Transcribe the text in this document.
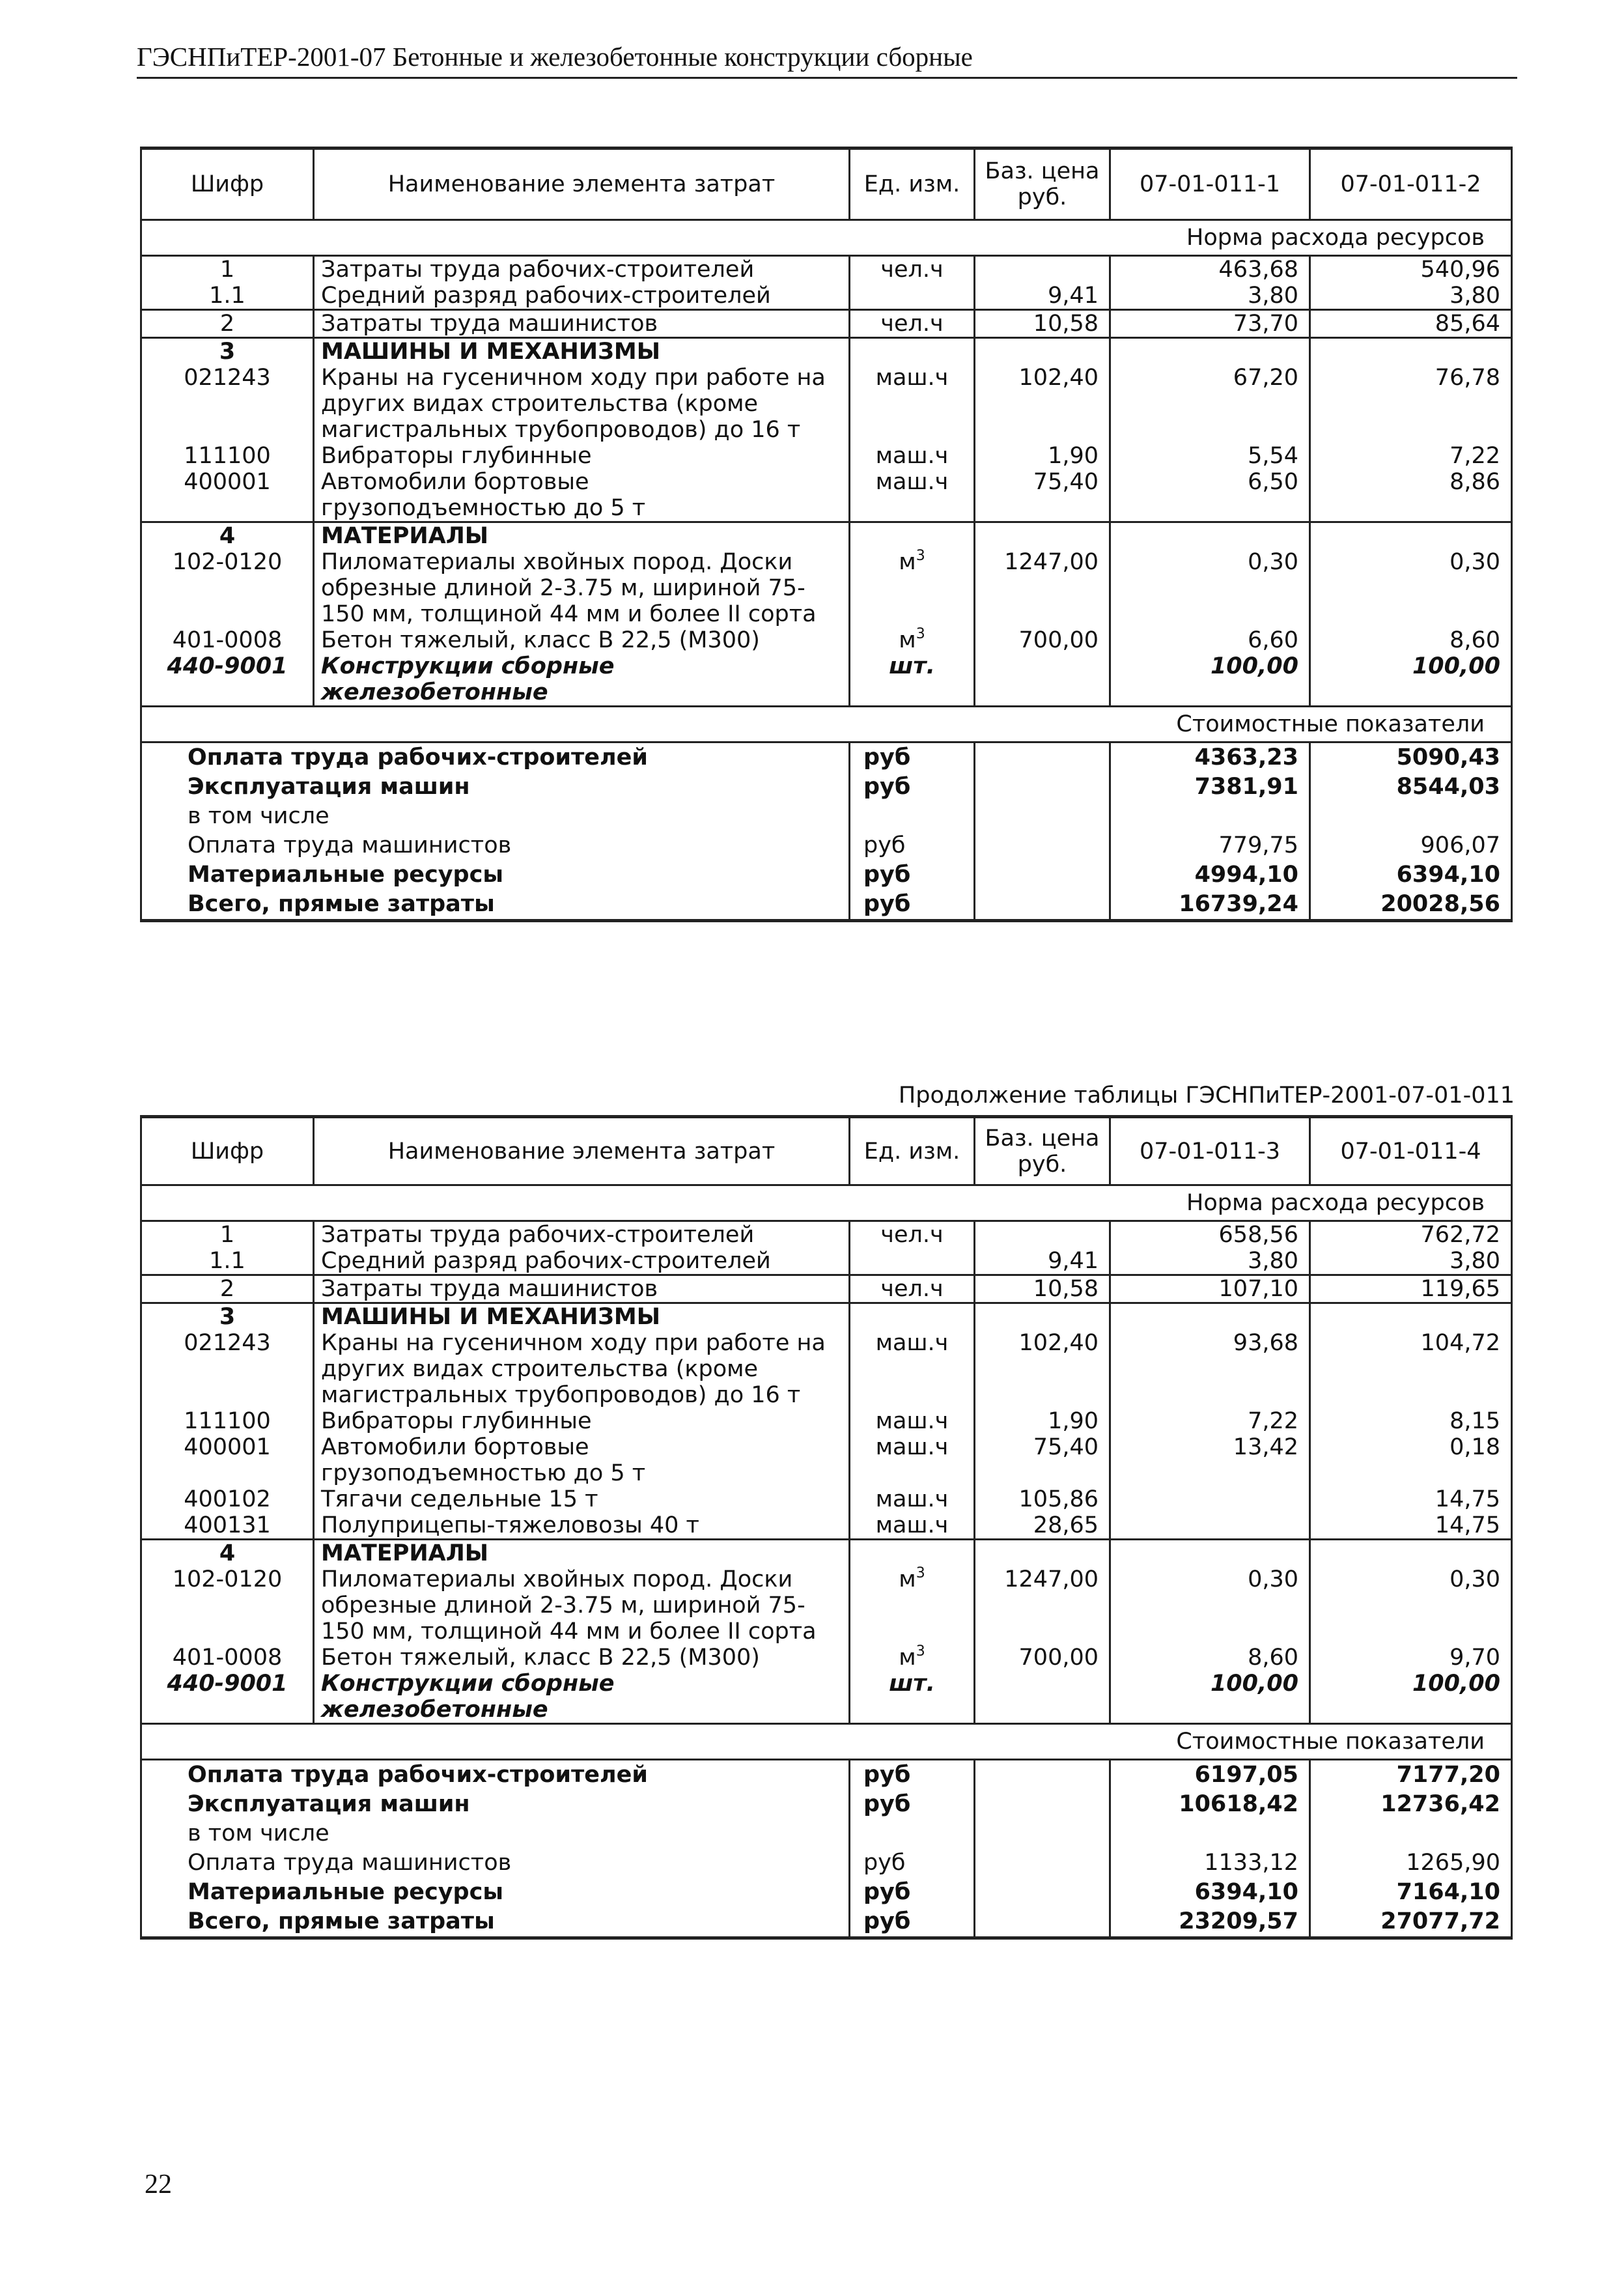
ГЭСНПиТЕР-2001-07 Бетонные и железобетонные конструкции сборные
Шифр	Наименование элемента затрат	Ед. изм.	Баз. цена руб.	07-01-011-1	07-01-011-2
Норма расхода ресурсов					
1	Затраты труда рабочих-строителей	чел.ч		463,68	540,96
1.1	Средний разряд рабочих-строителей		9,41	3,80	3,80
2	Затраты труда машинистов	чел.ч	10,58	73,70	85,64
3	МАШИНЫ И МЕХАНИЗМЫ				
021243	Краны на гусеничном ходу при работе на других видах строительства (кроме магистральных трубопроводов) до 16 т	маш.ч	102,40	67,20	76,78
111100	Вибраторы глубинные	маш.ч	1,90	5,54	7,22
400001	Автомобили бортовые грузоподъемностью до 5 т	маш.ч	75,40	6,50	8,86
4	МАТЕРИАЛЫ				
102-0120	Пиломатериалы хвойных пород. Доски обрезные длиной 2-3.75 м, шириной 75-150 мм, толщиной 44 мм и более II сорта	$м^3$	1247,00	0,30	0,30
401-0008	Бетон тяжелый, класс В 22,5 (М300)	$м^3$	700,00	6,60	8,60
440-9001	Конструкции сборные железобетонные	шт.		100,00	100,00
Стоимостные показатели					
Оплата труда рабочих-строителей		руб		4363,23	5090,43
Эксплуатация машин		руб		7381,91	8544,03
в том числе					
Оплата труда машинистов		руб		779,75	906,07
Материальные ресурсы		руб		4994,10	6394,10
Всего, прямые затраты		руб		16739,24	20028,56
Продолжение таблицы ГЭСНПиТЕР-2001-07-01-011
Шифр	Наименование элемента затрат	Ед. изм.	Баз. цена руб.	07-01-011-3	07-01-011-4
Норма расхода ресурсов					
1	Затраты труда рабочих-строителей	чел.ч		658,56	762,72
1.1	Средний разряд рабочих-строителей		9,41	3,80	3,80
2	Затраты труда машинистов	чел.ч	10,58	107,10	119,65
3	МАШИНЫ И МЕХАНИЗМЫ				
021243	Краны на гусеничном ходу при работе на других видах строительства (кроме магистральных трубопроводов) до 16 т	маш.ч	102,40	93,68	104,72
111100	Вибраторы глубинные	маш.ч	1,90	7,22	8,15
400001	Автомобили бортовые грузоподъемностью до 5 т	маш.ч	75,40	13,42	0,18
400102	Тягачи седельные 15 т	маш.ч	105,86		14,75
400131	Полуприцепы-тяжеловозы 40 т	маш.ч	28,65		14,75
4	МАТЕРИАЛЫ				
102-0120	Пиломатериалы хвойных пород. Доски обрезные длиной 2-3.75 м, шириной 75-150 мм, толщиной 44 мм и более II сорта	$м^3$	1247,00	0,30	0,30
401-0008	Бетон тяжелый, класс В 22,5 (М300)	$м^3$	700,00	8,60	9,70
440-9001	Конструкции сборные железобетонные	шт.		100,00	100,00
Стоимостные показатели					
Оплата труда рабочих-строителей		руб		6197,05	7177,20
Эксплуатация машин		руб		10618,42	12736,42
в том числе					
Оплата труда машинистов		руб		1133,12	1265,90
Материальные ресурсы		руб		6394,10	7164,10
Всего, прямые затраты		руб		23209,57	27077,72
22
